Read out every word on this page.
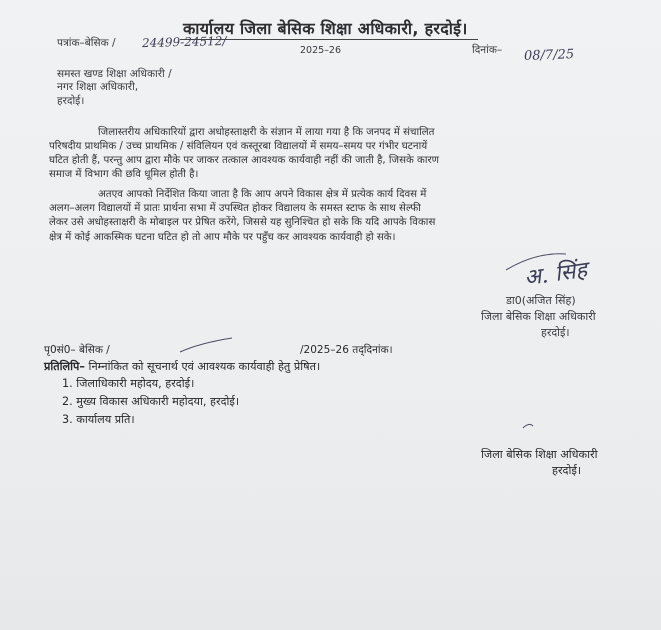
कार्यालय जिला बेसिक शिक्षा अधिकारी, हरदोई।
पत्रांक–बेसिक / 24499-24512/
2025–26	दिनांक– 08/7/25
समस्त खण्ड शिक्षा अधिकारी /
नगर शिक्षा अधिकारी,
हरदोई।
जिलास्तरीय अधिकारियों द्वारा अधोहस्ताक्षरी के संज्ञान में लाया गया है कि जनपद में संचालित
परिषदीय प्राथमिक / उच्च प्राथमिक / संविलियन एवं कस्तूरबा विद्यालयों में समय–समय पर गंभीर घटनायें
घटित होती हैं, परन्तु आप द्वारा मौके पर जाकर तत्काल आवश्यक कार्यवाही नहीं की जाती है, जिसके कारण
समाज में विभाग की छवि धूमिल होती है।
अतएव आपको निर्देशित किया जाता है कि आप अपने विकास क्षेत्र में प्रत्येक कार्य दिवस में
अलग–अलग विद्यालयों में प्रातः प्रार्थना सभा में उपस्थित होकर विद्यालय के समस्त स्टाफ के साथ सेल्फी
लेकर उसे अधोहस्ताक्षरी के मोबाइल पर प्रेषित करेंगे, जिससे यह सुनिश्चित हो सके कि यदि आपके विकास
क्षेत्र में कोई आकस्मिक घटना घटित हो तो आप मौके पर पहुँच कर आवश्यक कार्यवाही हो सके।
अ. सिंह
डा0(अजित सिंह)
जिला बेसिक शिक्षा अधिकारी
हरदोई।
पृ0सं0– बेसिक /	/2025–26 तद्‌दिनांक।
प्रतिलिपि– निम्नांकित को सूचनार्थ एवं आवश्यक कार्यवाही हेतु प्रेषित।
1. जिलाधिकारी महोदय, हरदोई।
2. मुख्य विकास अधिकारी महोदया, हरदोई।
3. कार्यालय प्रति।
जिला बेसिक शिक्षा अधिकारी
हरदोई।
